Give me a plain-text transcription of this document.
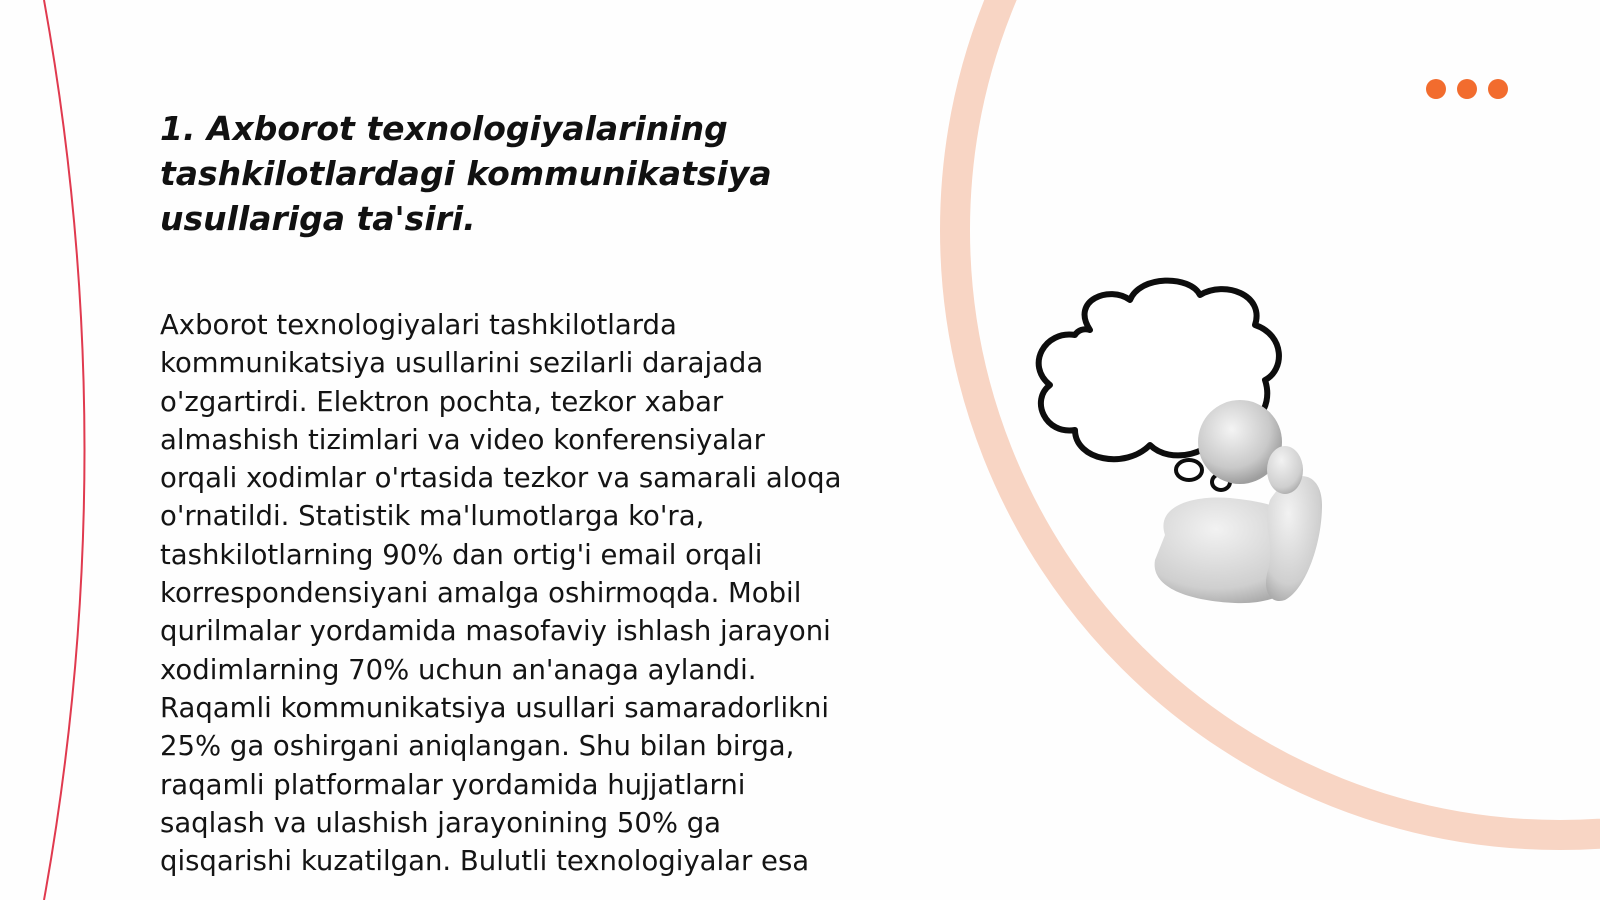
1. Axborot texnologiyalarining tashkilotlardagi kommunikatsiya usullariga ta'siri.

Axborot texnologiyalari tashkilotlarda kommunikatsiya usullarini sezilarli darajada o'zgartirdi. Elektron pochta, tezkor xabar almashish tizimlari va video konferensiyalar orqali xodimlar o'rtasida tezkor va samarali aloqa o'rnatildi. Statistik ma'lumotlarga ko'ra, tashkilotlarning 90% dan ortig'i email orqali korrespondensiyani amalga oshirmoqda. Mobil qurilmalar yordamida masofaviy ishlash jarayoni xodimlarning 70% uchun an'anaga aylandi. Raqamli kommunikatsiya usullari samaradorlikni 25% ga oshirgani aniqlangan. Shu bilan birga, raqamli platformalar yordamida hujjatlarni saqlash va ulashish jarayonining 50% ga qisqarishi kuzatilgan. Bulutli texnologiyalar esa
